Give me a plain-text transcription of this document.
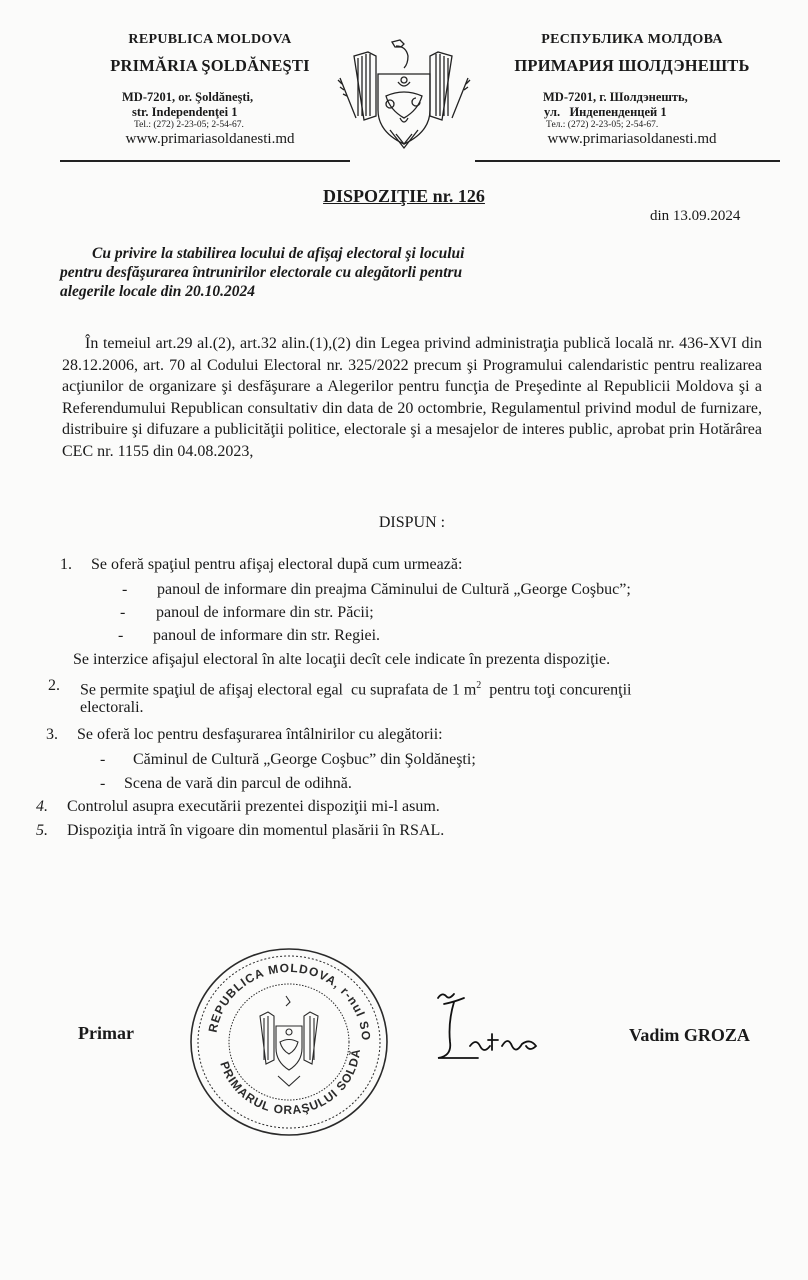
REPUBLICA MOLDOVA
PRIMĂRIA ŞOLDĂNEŞTI
MD-7201, or. Şoldăneşti,
str. Independenţei 1
Tel.: (272) 2-23-05; 2-54-67.
www.primariasoldanesti.md
РЕСПУБЛИКА МОЛДОВА
ПРИМАРИЯ ШОЛДЭНЕШТЬ
MD-7201, г. Шолдэнешть,
ул.   Индепенденцей 1
Тел.: (272) 2-23-05; 2-54-67.
www.primariasoldanesti.md
DISPOZIŢIE nr. 126
din 13.09.2024
Cu privire la stabilirea locului de afişaj electoral şi locului
pentru desfăşurarea întrunirilor electorale cu alegătorli pentru
alegerile locale din 20.10.2024
În temeiul art.29 al.(2), art.32 alin.(1),(2) din Legea privind administraţia publică locală nr. 436-XVI din 28.12.2006, art. 70 al Codului Electoral nr. 325/2022 precum şi Programului calendaristic pentru realizarea acţiunilor de organizare şi desfăşurare a Alegerilor pentru funcţia de Preşedinte al Republicii Moldova şi a Referendumului Republican consultativ din data de 20 octombrie, Regulamentul privind modul de furnizare, distribuire şi difuzare a publicităţii politice, electorale şi a mesajelor de interes public, aprobat prin Hotărârea CEC nr. 1155 din 04.08.2023,
DISPUN :
1. Se oferă spaţiul pentru afişaj electoral după cum urmează:
- panoul de informare din preajma Căminului de Cultură „George Coşbuc”;
- panoul de informare din str. Păcii;
- panoul de informare din str. Regiei.
Se interzice afişajul electoral în alte locaţii decît cele indicate în prezenta dispoziţie.
2. Se permite spaţiul de afişaj electoral egal  cu suprafata de 1 $m^2$  pentru toţi concurenţii
electorali.
3. Se oferă loc pentru desfaşurarea întâlnirilor cu alegătorii:
- Căminul de Cultură „George Coşbuc” din Şoldăneşti;
- Scena de vară din parcul de odihnă.
4. Controlul asupra executării prezentei dispoziţii mi-l asum.
5. Dispoziţia intră în vigoare din momentul plasării în RSAL.
Primar	REPUBLICA MOLDOVA, r-nul SO
PRIMARUL ORAŞULUI SOLDĂ
Vadim GROZA
